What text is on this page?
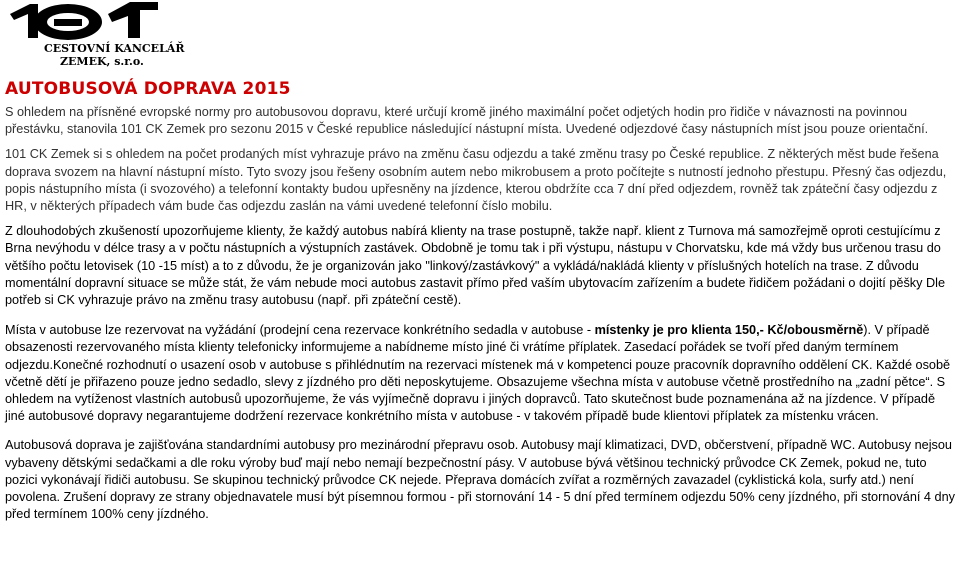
CESTOVNÍ KANCELÁŘ
ZEMEK, s.r.o.
AUTOBUSOVÁ DOPRAVA 2015

S ohledem na přísněné evropské normy pro autobusovou dopravu, které určují kromě jiného maximální počet odjetých hodin pro řidiče v návaznosti na povinnou přestávku, stanovila 101 CK Zemek pro sezonu 2015 v České republice následující nástupní místa. Uvedené odjezdové časy nástupních míst jsou pouze orientační.

101 CK Zemek si s ohledem na počet prodaných míst vyhrazuje právo na změnu času odjezdu a také změnu trasy po České republice. Z některých měst bude řešena doprava svozem na hlavní nástupní místo. Tyto svozy jsou řešeny osobním autem nebo mikrobusem a proto počítejte s nutností jednoho přestupu. Přesný čas odjezdu, popis nástupního místa (i svozového) a telefonní kontakty budou upřesněny na jízdence, kterou obdržíte cca 7 dní před odjezdem, rovněž tak zpáteční časy odjezdu z HR, v některých případech vám bude čas odjezdu zaslán na vámi uvedené telefonní číslo mobilu.

Z dlouhodobých zkušeností upozorňujeme klienty, že každý autobus nabírá klienty na trase postupně, takže např. klient z Turnova má samozřejmě oproti cestujícímu z Brna nevýhodu v délce trasy a v počtu nástupních a výstupních zastávek. Obdobně je tomu tak i při výstupu, nástupu v Chorvatsku, kde má vždy bus určenou trasu do většího počtu letovisek (10 -15 míst) a to z důvodu, že je organizován jako "linkový/zastávkový" a vykládá/nakládá klienty v příslušných hotelích na trase. Z důvodu momentální dopravní situace se může stát, že vám nebude moci autobus zastavit přímo před vaším ubytovacím zařízením a budete řidičem požádani o dojití pěšky Dle potřeb si CK vyhrazuje právo na změnu trasy autobusu (např. při zpáteční cestě).

Místa v autobuse lze rezervovat na vyžádání (prodejní cena rezervace konkrétního sedadla v autobuse - místenky je pro klienta 150,- Kč/obousměrně). V případě obsazenosti rezervovaného místa klienty telefonicky informujeme a nabídneme místo jiné či vrátíme příplatek. Zasedací pořádek se tvoří před daným termínem odjezdu.Konečné rozhodnutí o usazení osob v autobuse s přihlédnutím na rezervaci místenek má v kompetenci pouze pracovník dopravního oddělení CK. Každé osobě včetně dětí je přiřazeno pouze jedno sedadlo, slevy z jízdného pro děti neposkytujeme. Obsazujeme všechna místa v autobuse včetně prostředního na „zadní pětce“. S ohledem na vytíženost vlastních autobusů upozorňujeme, že vás vyjímečně dopravu i jiných dopravců. Tato skutečnost bude poznamenána až na jízdence. V případě jiné autobusové dopravy negarantujeme dodržení rezervace konkrétního místa v autobuse - v takovém případě bude klientovi příplatek za místenku vrácen.

Autobusová doprava je zajišťována standardními autobusy pro mezinárodní přepravu osob. Autobusy mají klimatizaci, DVD, občerstvení, případně WC. Autobusy nejsou vybaveny dětskými sedačkami a dle roku výroby buď mají nebo nemají bezpečnostní pásy. V autobuse bývá většinou technický průvodce CK Zemek, pokud ne, tuto pozici vykonávají řidiči autobusu. Se skupinou technický průvodce CK nejede. Přeprava domácích zvířat a rozměrných zavazadel (cyklistická kola, surfy atd.) není povolena. Zrušení dopravy ze strany objednavatele musí být písemnou formou - při stornování 14 - 5 dní před termínem odjezdu 50% ceny jízdného, při stornování 4 dny před termínem 100% ceny jízdného.
